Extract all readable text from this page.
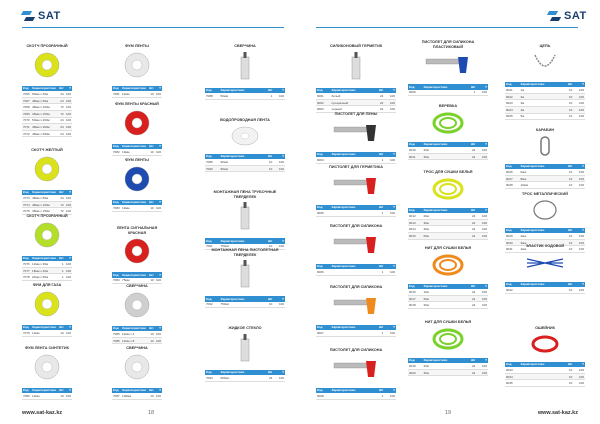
SAT
www.sat-kaz.kz	18
СКОТЧ ПРОЗРАЧНЫЙ
Код	Характеристики	Шт	Т
7066	50мм х 40м	24	100
7067	48мм х 50м	24	100
7068	48мм х 100м	72	100
7069	45мм х 150м	72	100
7070	50мм х 200м	24	100
7071	48мм х 300м	24	100
7072	48мм х 500м	24	100
СКОТЧ ЖЕЛТЫЙ
Код	Характеристики	Шт	Т
7073	48мм х 50м	24	100
7074	48мм х 100м	72	100
7075	48мм х 150м	72	100
СКОТЧ ПРОЗРАЧНЫЙ
Код	Характеристики	Шт	Т
7076	12мм х 30м	1	100
7077	18мм х 40м	1	100
7078	24мм х 50м	1	100
ФУМ ДЛЯ ГАЗА
Код	Характеристики	Шт	Т
7079	12мм	10	100
ФУМ ЛЕНТА СИНТЕТИК
Код	Характеристики	Шт	Т
7080	12мм	10	100
ФУМ ЛЕНТЫ
Код	Характеристики	Шт	Т
7081	12мм	10	100
ФУМ ЛЕНТЫ КРАСНЫЙ
Код	Характеристики	Шт	Т
7082	19мм	10	100
ФУМ ЛЕНТЫ
Код	Характеристики	Шт	Т
7083	19мм	10	100
ЛЕНТА СИГНАЛЬНАЯ КРАСНАЯ
Код	Характеристики	Шт	Т
7084	75мм	10	100
СВЕРЧИНА
Код	Характеристики	Шт	Т
7085	12мм х 4	10	100
7086	12мм х 8	10	100
СВЕРЧИНА
Код	Характеристики	Шт	Т
7087	100мм	10	100
СВЕРЧИНА
Код	Характеристики	Шт	Т
7088	50мм	1	100
ВОДОПРОВОДНАЯ ЛЕНТА
Код	Характеристики	Шт	Т
7089	90мм	10	100
7090	90мм	10	100
МОНТАЖНАЯ ПЕНА ТРУБОЧНЫЕ ТВЕРДЕЛЕК
Код	Характеристики	Шт	Т
7091	750мл	10	100
МОНТАЖНАЯ ПЕНА ПИСТОЛЕТНАЯ ТВЕРДЕЛЕК
Код	Характеристики	Шт	Т
7092	750мл	10	100
ЖИДКОЕ СТЕКЛО
Код	Характеристики	Шт	Т
7093	500мл	24	100
SAT
www.sat-kaz.kz
19
СИЛИКОНОВЫЙ ГЕРМЕТИК
Код	Характеристики	Шт	Т
9001	белый	24	100
9002	прозрачный	24	100
9003	черный	24	100
ПИСТОЛЕТ ДЛЯ ПЕНЫ
Код	Характеристики	Шт	Т
9004		1	100
ПИСТОЛЕТ ДЛЯ ГЕРМЕТИКА
Код	Характеристики	Шт	Т
9005		1	100
ПИСТОЛЕТ ДЛЯ СИЛИКОНА
Код	Характеристики	Шт	Т
9006		1	100
ПИСТОЛЕТ ДЛЯ СИЛИКОНА
Код	Характеристики	Шт	Т
9007		1	100
ПИСТОЛЕТ ДЛЯ СИЛИКОНА
Код	Характеристики	Шт	Т
9008		1	100
ПИСТОЛЕТ ДЛЯ СИЛИКОНА ПЛАСТИКОВЫЙ
Код	Характеристики	Шт	Т
9009		1	100
ВЕРЕВКА
Код	Характеристики	Шт	Т
9010	20м	24	100
9011	30м	24	100
ТРОС ДЛЯ СУШКИ БЕЛЬЯ
Код	Характеристики	Шт	Т
9012	20м	24	100
9013	30м	24	100
9014	40м	24	100
9015	50м	24	100
НИТ ДЛЯ СУШКИ БЕЛЬЯ
Код	Характеристики	Шт	Т
9016	10м	24	100
9017	20м	24	100
9018	30м	24	100
НИТ ДЛЯ СУШКИ БЕЛЬЯ
Код	Характеристики	Шт	Т
9019	20м	24	100
9020	30м	24	100
ЦЕПЬ
Код	Характеристики	Шт	Т
9021	1м	10	100
9022	2м	10	100
9023	3м	10	100
9024	4м	10	100
9025	5м	10	100
КАРАБИН
Код	Характеристики	Шт	Т
9026	6мм	10	100
9027	8мм	10	100
9028	10мм	10	100
ТРОС МЕТАЛЛИЧЕСКИЙ
Код	Характеристики	Шт	Т
9029	2мм	10	100
9030	3мм	10	100
9031	4мм	10	100
ЭЛАСТИК ХОДОВОЙ
Код	Характеристики	Шт	Т
9032		10	100
ОШЕЙНИК
Код	Характеристики	Шт	Т
9033		10	100
9034		10	100
9035		10	100
